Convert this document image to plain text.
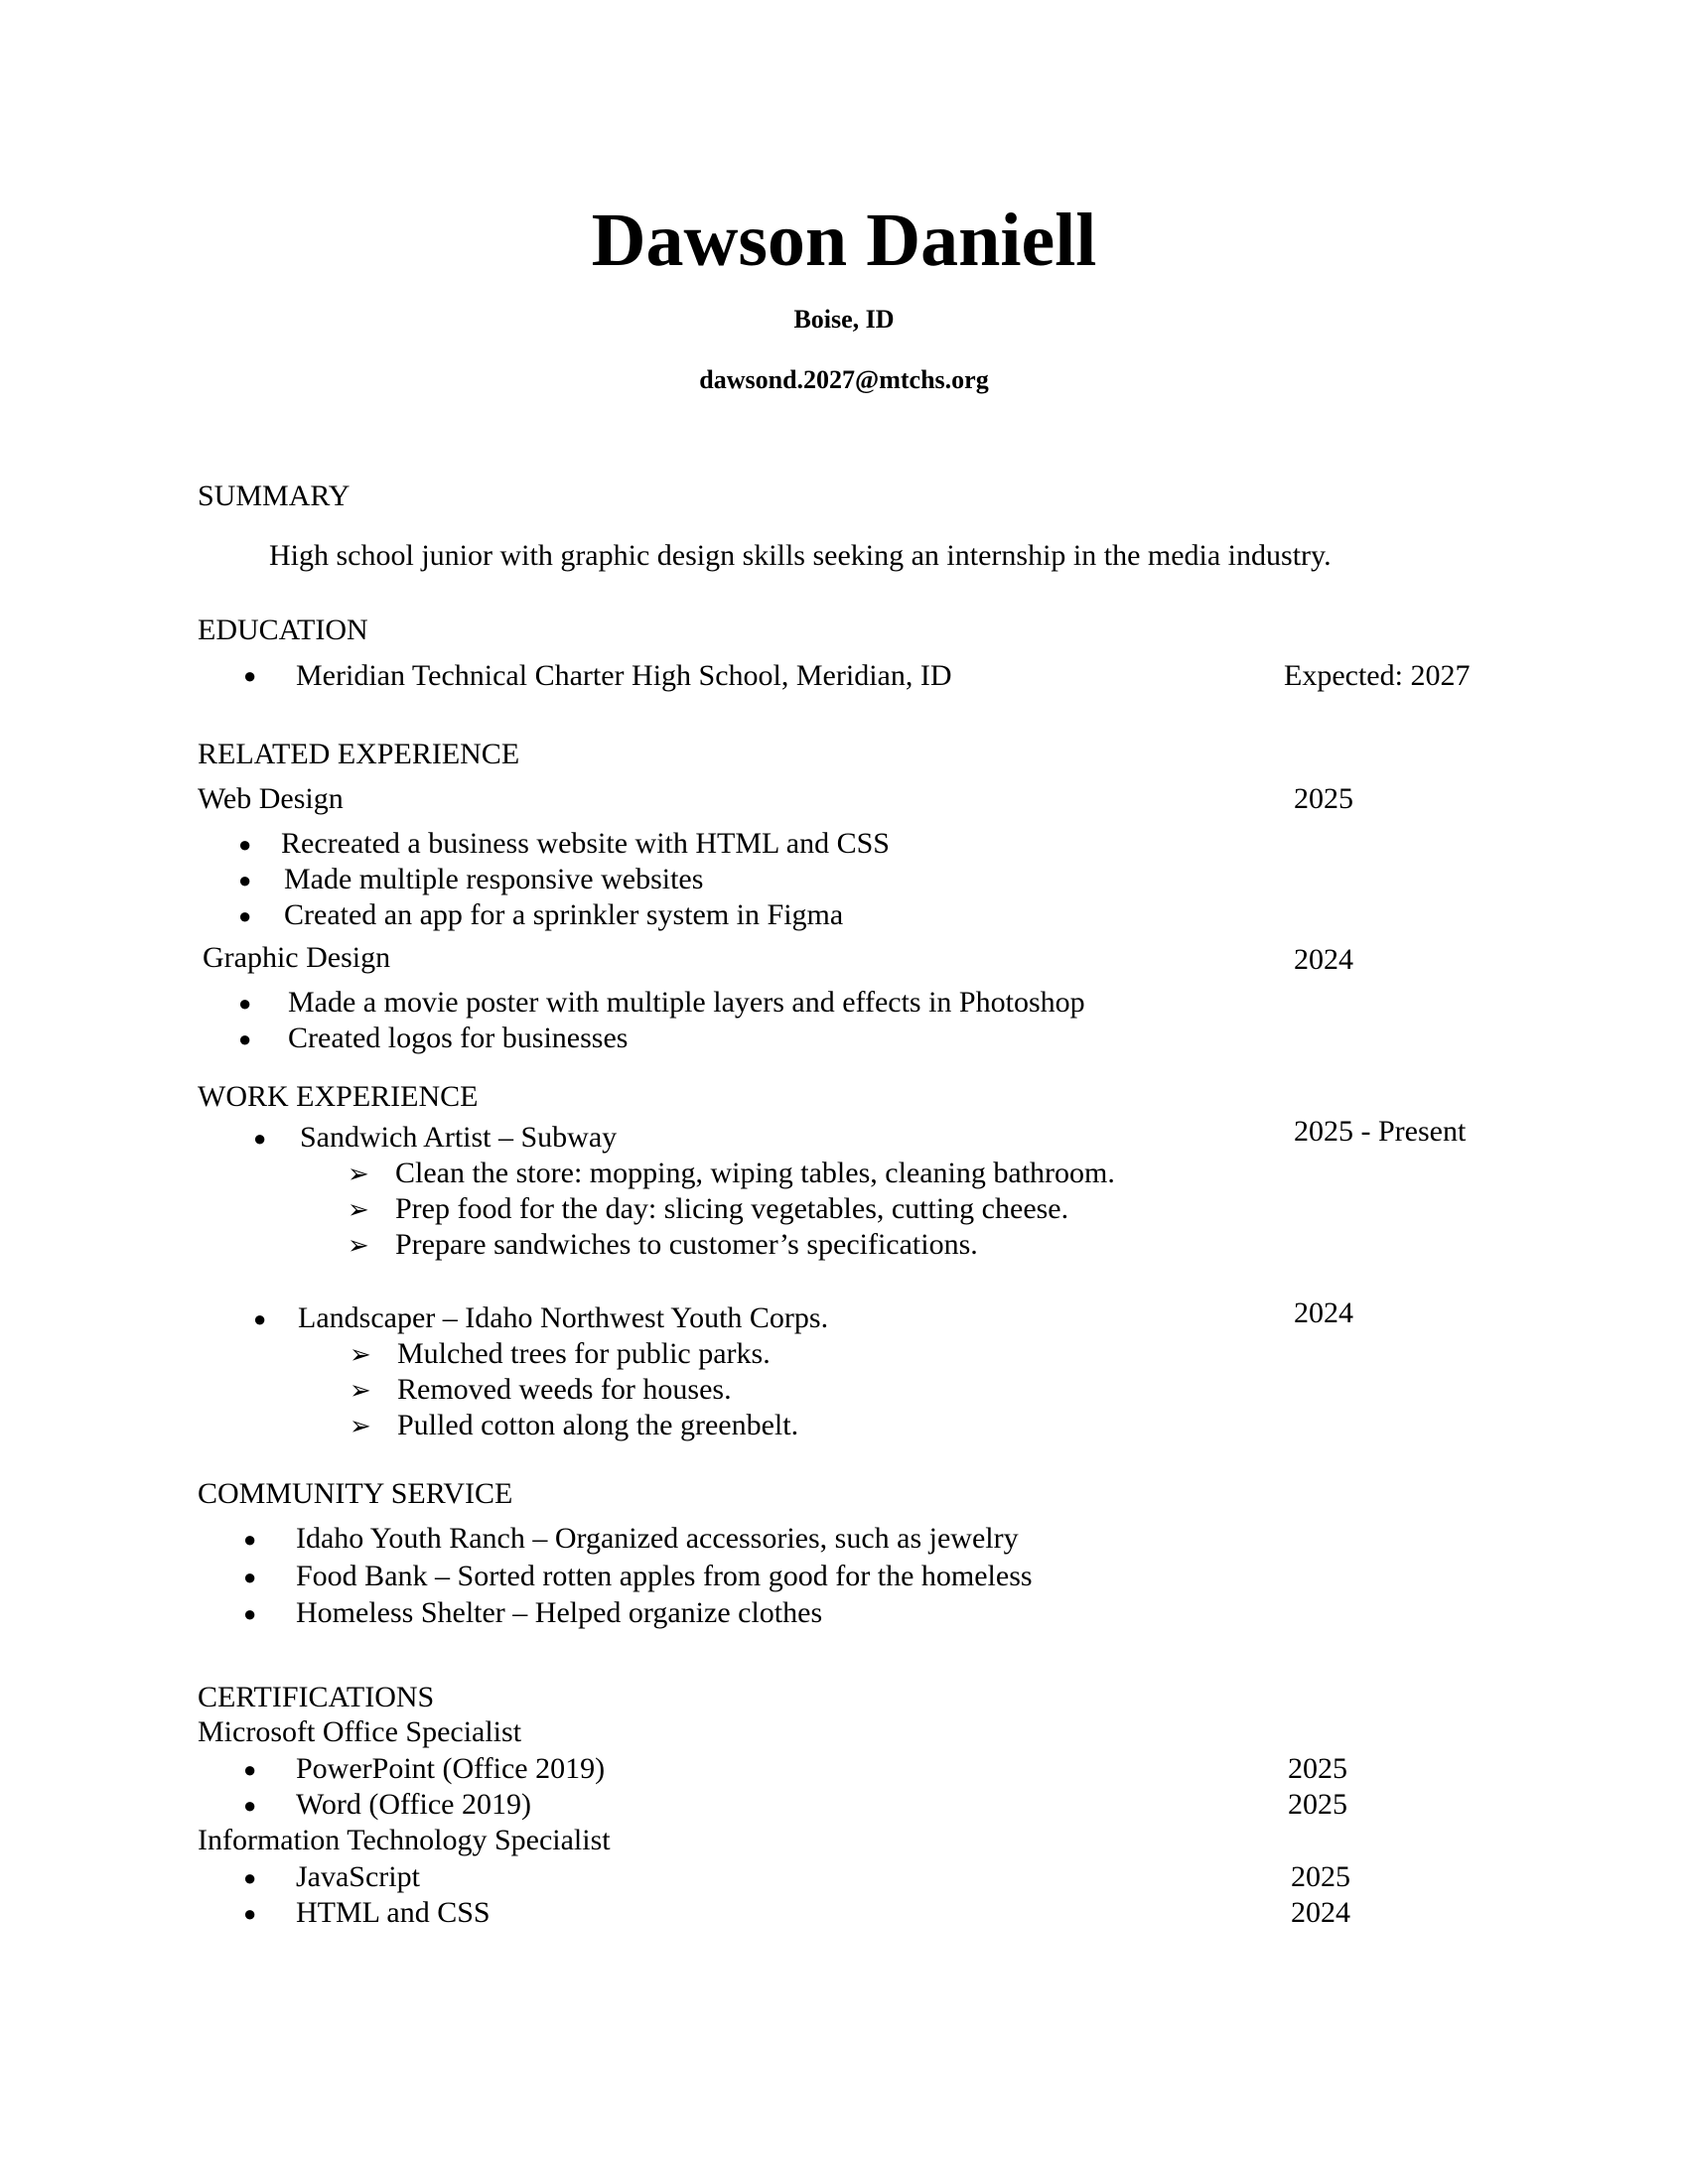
Dawson Daniell
Boise, ID
dawsond.2027@mtchs.org
SUMMARY
High school junior with graphic design skills seeking an internship in the media industry.
EDUCATION
● Meridian Technical Charter High School, Meridian, ID	Expected: 2027
RELATED EXPERIENCE
Web Design	2025
● Recreated a business website with HTML and CSS
● Made multiple responsive websites
● Created an app for a sprinkler system in Figma
Graphic Design	2024
● Made a movie poster with multiple layers and effects in Photoshop
● Created logos for businesses
WORK EXPERIENCE
● Sandwich Artist – Subway	2025 - Present
➢ Clean the store: mopping, wiping tables, cleaning bathroom.
➢ Prep food for the day: slicing vegetables, cutting cheese.
➢ Prepare sandwiches to customer’s specifications.
● Landscaper – Idaho Northwest Youth Corps.	2024
➢ Mulched trees for public parks.
➢ Removed weeds for houses.
➢ Pulled cotton along the greenbelt.
COMMUNITY SERVICE
● Idaho Youth Ranch – Organized accessories, such as jewelry
● Food Bank – Sorted rotten apples from good for the homeless
● Homeless Shelter – Helped organize clothes
CERTIFICATIONS
Microsoft Office Specialist
● PowerPoint (Office 2019)	2025
● Word (Office 2019)	2025
Information Technology Specialist
● JavaScript	2025
● HTML and CSS	2024
